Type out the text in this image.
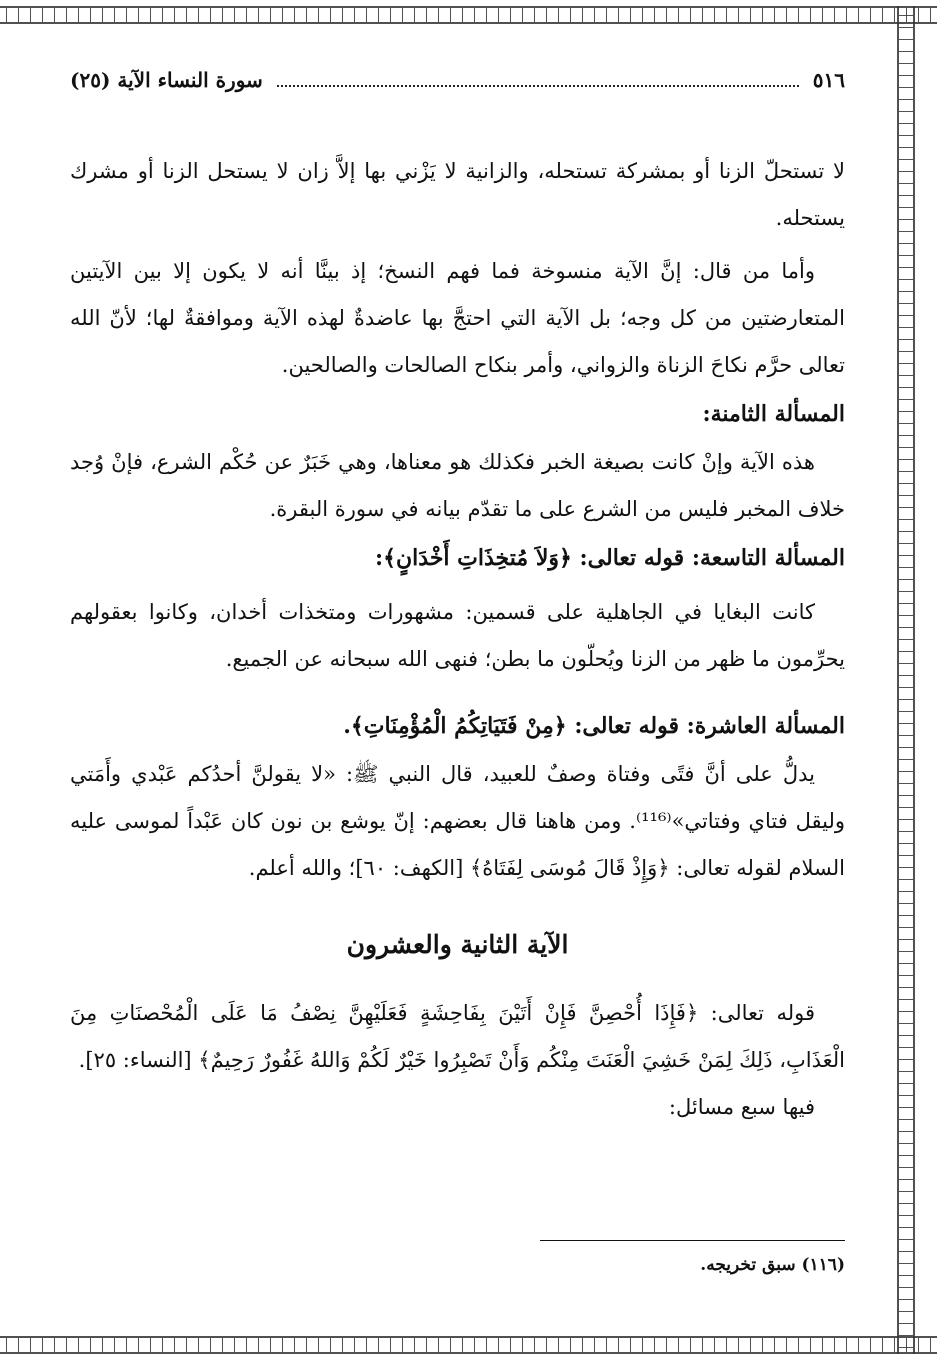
٥١٦
سورة النساء الآية (٢٥)

لا تستحلّ الزنا أو بمشركة تستحله، والزانية لا يَزْني بها إلاَّ زان لا يستحل الزنا أو مشرك يستحله.

وأما من قال: إنَّ الآية منسوخة فما فهم النسخ؛ إذ بينَّا أنه لا يكون إلا بين الآيتين المتعارضتين من كل وجه؛ بل الآية التي احتجَّ بها عاضدةٌ لهذه الآية وموافقةٌ لها؛ لأنّ الله تعالى حرَّم نكاحَ الزناة والزواني، وأمر بنكاح الصالحات والصالحين.

المسألة الثامنة:

هذه الآية وإنْ كانت بصيغة الخبر فكذلك هو معناها، وهي خَبَرٌ عن حُكْم الشرع، فإنْ وُجد خلاف المخبر فليس من الشرع على ما تقدّم بيانه في سورة البقرة.

المسألة التاسعة: قوله تعالى: ﴿وَلاَ مُتخِذَاتِ أَخْدَانٍ﴾:

كانت البغايا في الجاهلية على قسمين: مشهورات ومتخذات أخدان، وكانوا بعقولهم يحرِّمون ما ظهر من الزنا ويُحلّون ما بطن؛ فنهى الله سبحانه عن الجميع.

المسألة العاشرة: قوله تعالى: ﴿مِنْ فَتَيَاتِكُمُ الْمُؤْمِنَاتِ﴾.

يدلُّ على أنَّ فتًى وفتاة وصفٌ للعبيد، قال النبي ﷺ: «لا يقولنَّ أحدُكم عَبْدي وأَمَتي وليقل فتاي وفتاتي»⁽¹¹⁶⁾. ومن هاهنا قال بعضهم: إنّ يوشع بن نون كان عَبْداً لموسى عليه السلام لقوله تعالى: ﴿وَإِذْ قَالَ مُوسَى لِفَتَاهُ﴾ [الكهف: ٦٠]؛ والله أعلم.

الآية الثانية والعشرون

قوله تعالى: ﴿فَإِذَا أُحْصِنَّ فَإِنْ أَتَيْنَ بِفَاحِشَةٍ فَعَلَيْهِنَّ نِصْفُ مَا عَلَى الْمُحْصنَاتِ مِنَ الْعَذَابِ، ذَلِكَ لِمَنْ خَشِيَ الْعَنَتَ مِنْكُم وَأَنْ تَصْبِرُوا خَيْرٌ لَكُمْ وَاللهُ غَفُورٌ رَحِيمٌ﴾ [النساء: ٢٥].

فيها سبع مسائل:

(١١٦) سبق تخريجه.
